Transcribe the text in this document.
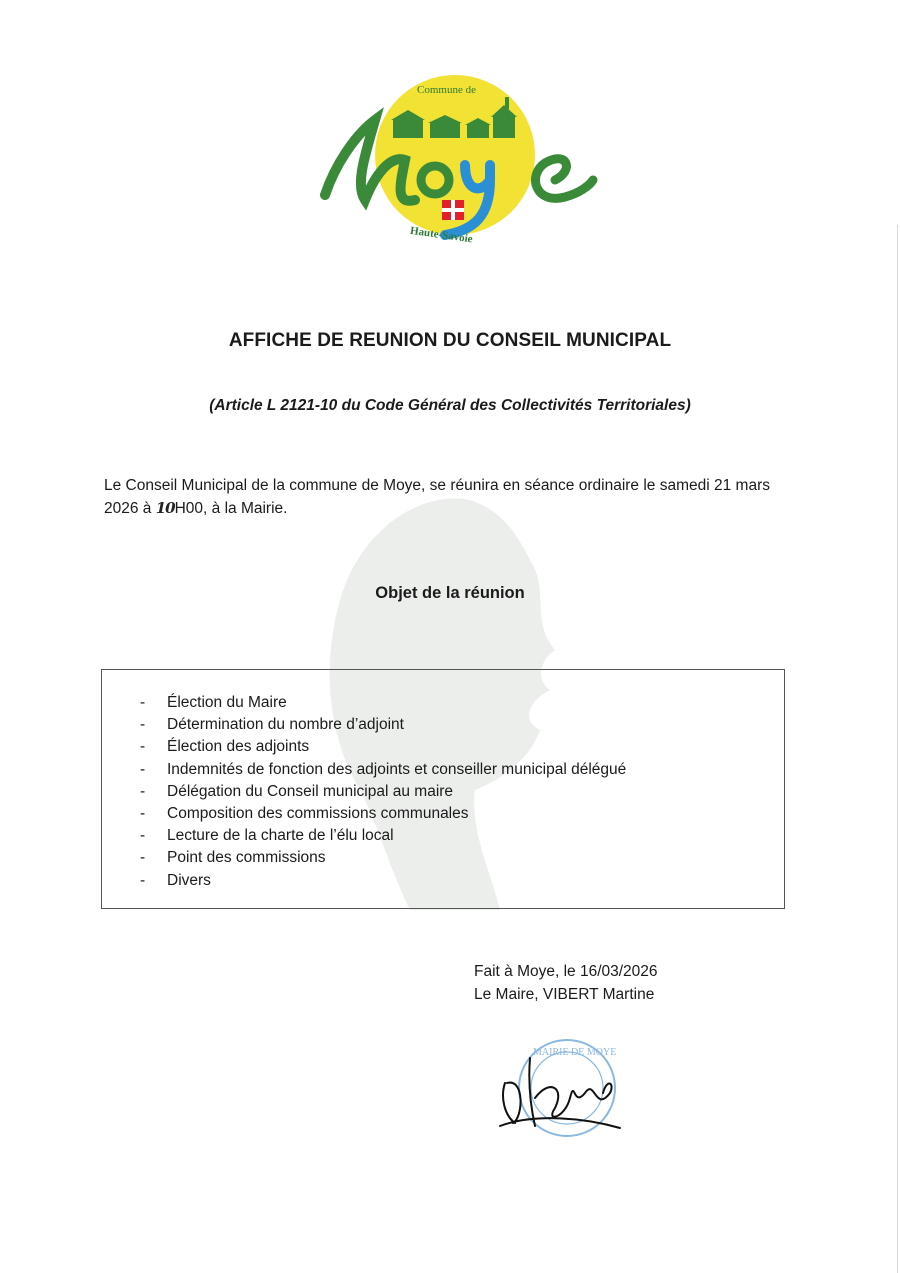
Commune de
Haute-Savoie
AFFICHE DE REUNION DU CONSEIL MUNICIPAL
(Article L 2121-10 du Code Général des Collectivités Territoriales)
Le Conseil Municipal de la commune de Moye, se réunira en séance ordinaire le samedi 21 mars 2026 à 10H00, à la Mairie.
Objet de la réunion
-	Élection du Maire
-	Détermination du nombre d’adjoint
-	Élection des adjoints
-	Indemnités de fonction des adjoints et conseiller municipal délégué
-	Délégation du Conseil municipal au maire
-	Composition des commissions communales
-	Lecture de la charte de l’élu local
-	Point des commissions
-	Divers
Fait à Moye, le 16/03/2026
Le Maire, VIBERT Martine
MAIRIE DE MOYE
